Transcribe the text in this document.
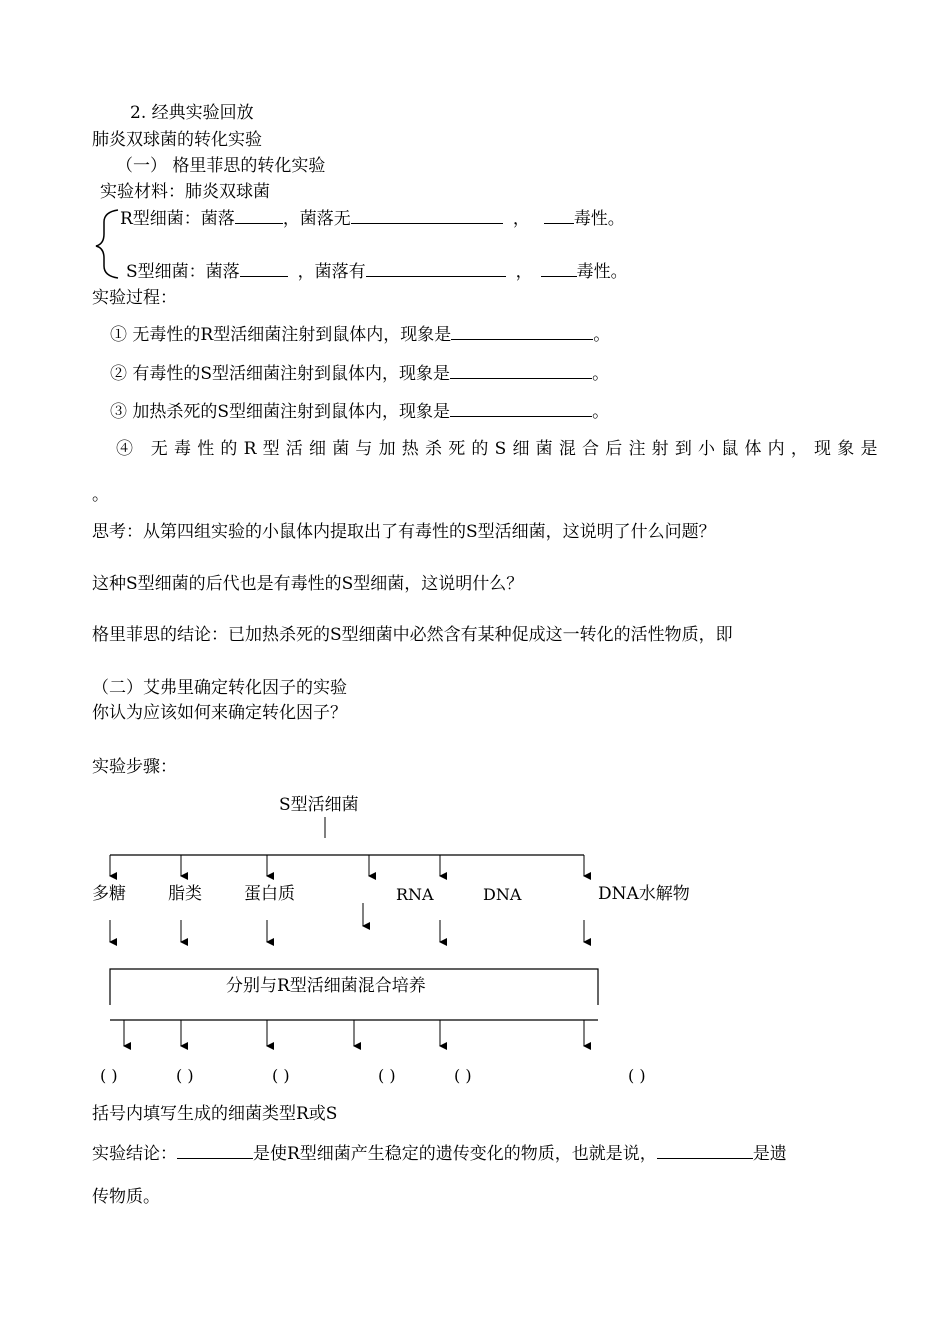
2. 经典实验回放
肺炎双球菌的转化实验
（一） 格里菲思的转化实验
实验材料：肺炎双球菌
R型细菌：菌落	，菌落无	，	毒性。
S型细菌：菌落	，菌落有	，	毒性。
实验过程：
① 无毒性的R型活细菌注射到鼠体内，现象是	。
② 有毒性的S型活细菌注射到鼠体内，现象是	。
③ 加热杀死的S型细菌注射到鼠体内，现象是	。
④ 无毒性的R型活细菌与加热杀死的S细菌混合后注射到小鼠体内，现象是
。
思考：从第四组实验的小鼠体内提取出了有毒性的S型活细菌，这说明了什么问题？
这种S型细菌的后代也是有毒性的S型细菌，这说明什么？
格里菲思的结论：已加热杀死的S型细菌中必然含有某种促成这一转化的活性物质，即
（二）艾弗里确定转化因子的实验
你认为应该如何来确定转化因子？
实验步骤：
S型活细菌
多糖 脂类 蛋白质	RNA	DNA	DNA水解物
分别与R型活细菌混合培养
( )	( )	( )	( )	( )	( )
括号内填写生成的细菌类型R或S
实验结论：	是使R型细菌产生稳定的遗传变化的物质，也就是说，	是遗
传物质。
